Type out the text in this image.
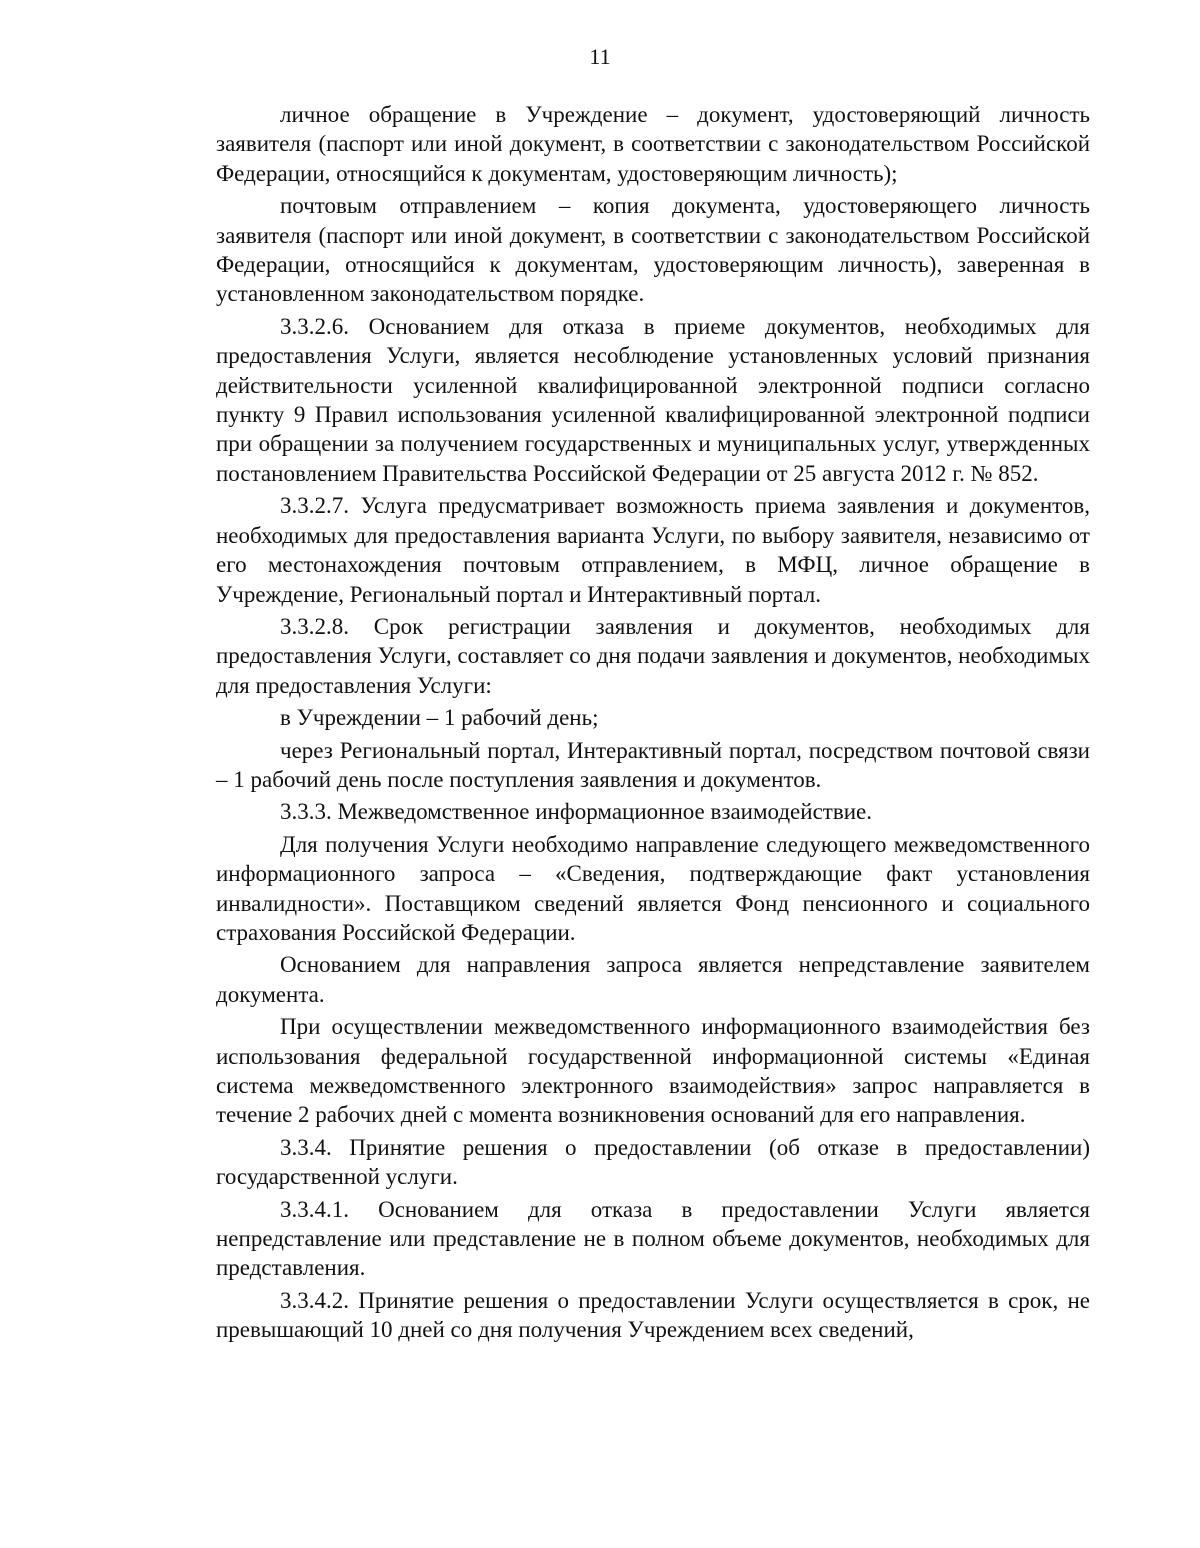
11

личное обращение в Учреждение – документ, удостоверяющий личность заявителя (паспорт или иной документ, в соответствии с законодательством Российской Федерации, относящийся к документам, удостоверяющим личность);

почтовым отправлением – копия документа, удостоверяющего личность заявителя (паспорт или иной документ, в соответствии с законодательством Российской Федерации, относящийся к документам, удостоверяющим личность), заверенная в установленном законодательством порядке.

3.3.2.6. Основанием для отказа в приеме документов, необходимых для предоставления Услуги, является несоблюдение установленных условий признания действительности усиленной квалифицированной электронной подписи согласно пункту 9 Правил использования усиленной квалифицированной электронной подписи при обращении за получением государственных и муниципальных услуг, утвержденных постановлением Правительства Российской Федерации от 25 августа 2012 г. № 852.

3.3.2.7. Услуга предусматривает возможность приема заявления и документов, необходимых для предоставления варианта Услуги, по выбору заявителя, независимо от его местонахождения почтовым отправлением, в МФЦ, личное обращение в Учреждение, Региональный портал и Интерактивный портал.

3.3.2.8. Срок регистрации заявления и документов, необходимых для предоставления Услуги, составляет со дня подачи заявления и документов, необходимых для предоставления Услуги:

в Учреждении – 1 рабочий день;

через Региональный портал, Интерактивный портал, посредством почтовой связи – 1 рабочий день после поступления заявления и документов.

3.3.3. Межведомственное информационное взаимодействие.

Для получения Услуги необходимо направление следующего межведомственного информационного запроса – «Сведения, подтверждающие факт установления инвалидности». Поставщиком сведений является Фонд пенсионного и социального страхования Российской Федерации.

Основанием для направления запроса является непредставление заявителем документа.

При осуществлении межведомственного информационного взаимодействия без использования федеральной государственной информационной системы «Единая система межведомственного электронного взаимодействия» запрос направляется в течение 2 рабочих дней с момента возникновения оснований для его направления.

3.3.4. Принятие решения о предоставлении (об отказе в предоставлении) государственной услуги.

3.3.4.1. Основанием для отказа в предоставлении Услуги является непредставление или представление не в полном объеме документов, необходимых для представления.

3.3.4.2. Принятие решения о предоставлении Услуги осуществляется в срок, не превышающий 10 дней со дня получения Учреждением всех сведений,
